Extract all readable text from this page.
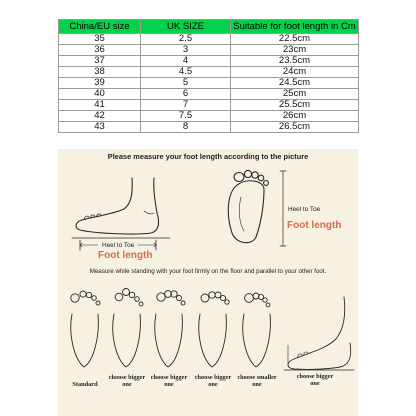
China/EU size	UK SIZE	Suitable for foot length in Cm
35	2.5	22.5cm
36	3	23cm
37	4	23.5cm
38	4.5	24cm
39	5	24.5cm
40	6	25cm
41	7	25.5cm
42	7.5	26cm
43	8	26.5cm
Please measure your foot length according to the picture
Heel to Toe
Foot length
Heel to Toe
Foot length
Measure while standing with your foot firmly on the floor and parallel to your other foot.
Standard
choose bigger one
choose bigger one
choose bigger one
choose smaller one
choose bigger one
